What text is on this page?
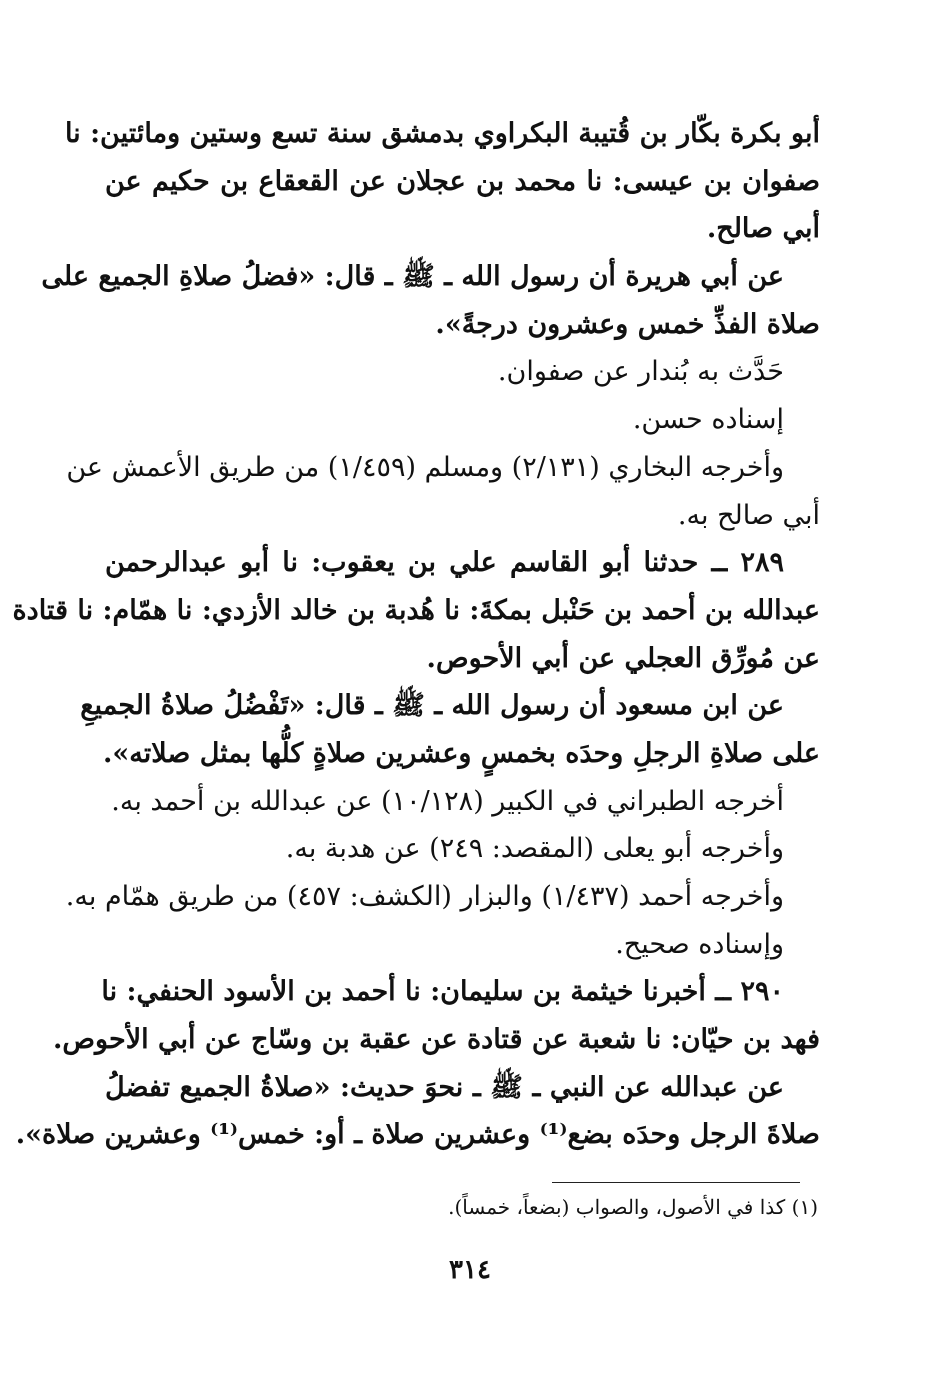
أبو بكرة بكّار بن قُتيبة البكراوي بدمشق سنة تسع وستين ومائتين: نا
صفوان بن عيسى: نا محمد بن عجلان عن القعقاع بن حكيم عن
أبي صالح.
عن أبي هريرة أن رسول الله ـ ﷺ ـ قال: «فضلُ صلاةِ الجميع على
صلاة الفذِّ خمس وعشرون درجةً».
حَدَّث به بُندار عن صفوان.
إسناده حسن.
وأخرجه البخاري (٢/١٣١) ومسلم (١/٤٥٩) من طريق الأعمش عن
أبي صالح به.
٢٨٩ ــ حدثنا أبو القاسم علي بن يعقوب: نا أبو عبدالرحمن
عبدالله بن أحمد بن حَنْبل بمكةَ: نا هُدبة بن خالد الأزدي: نا همّام: نا قتادة
عن مُورِّق العجلي عن أبي الأحوص.
عن ابن مسعود أن رسول الله ـ ﷺ ـ قال: «تَفْضُلُ صلاةُ الجميعِ
على صلاةِ الرجلِ وحدَه بخمسٍ وعشرين صلاةٍ كلُّها بمثل صلاته».
أخرجه الطبراني في الكبير (١٠/١٢٨) عن عبدالله بن أحمد به.
وأخرجه أبو يعلى (المقصد: ٢٤٩) عن هدبة به.
وأخرجه أحمد (١/٤٣٧) والبزار (الكشف: ٤٥٧) من طريق همّام به.
وإسناده صحيح.
٢٩٠ ــ أخبرنا خيثمة بن سليمان: نا أحمد بن الأسود الحنفي: نا
فهد بن حيّان: نا شعبة عن قتادة عن عقبة بن وسّاج عن أبي الأحوص.
عن عبدالله عن النبي ـ ﷺ ـ نحوَ حديث: «صلاةُ الجميع تفضلُ
صلاةَ الرجل وحدَه بضع⁽¹⁾ وعشرين صلاة ـ أو: خمس⁽¹⁾ وعشرين صلاة».
(١) كذا في الأصول، والصواب (بضعاً، خمساً).
٣١٤
